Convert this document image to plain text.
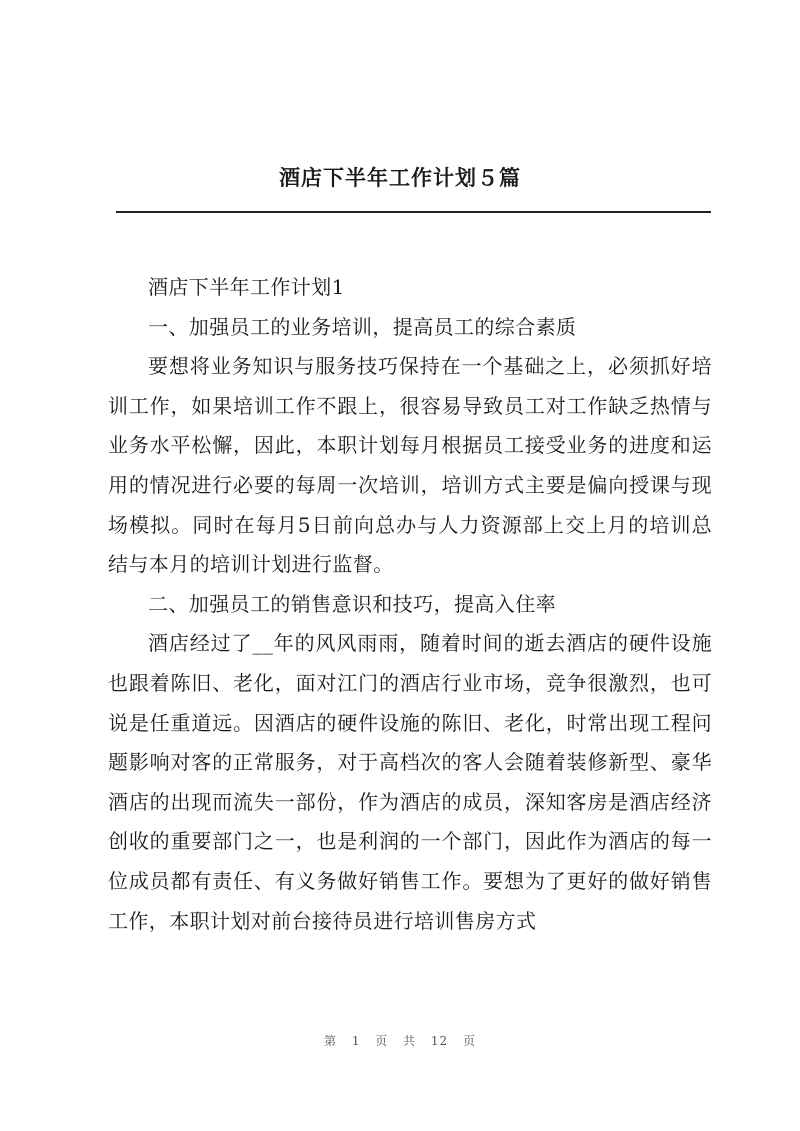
酒店下半年工作计划５篇

酒店下半年工作计划1

一、加强员工的业务培训，提高员工的综合素质

要想将业务知识与服务技巧保持在一个基础之上，必须抓好培训工作，如果培训工作不跟上，很容易导致员工对工作缺乏热情与业务水平松懈，因此，本职计划每月根据员工接受业务的进度和运用的情况进行必要的每周一次培训，培训方式主要是偏向授课与现场模拟。同时在每月5日前向总办与人力资源部上交上月的培训总结与本月的培训计划进行监督。

二、加强员工的销售意识和技巧，提高入住率

酒店经过了__年的风风雨雨，随着时间的逝去酒店的硬件设施也跟着陈旧、老化，面对江门的酒店行业市场，竞争很激烈，也可说是任重道远。因酒店的硬件设施的陈旧、老化，时常出现工程问题影响对客的正常服务，对于高档次的客人会随着装修新型、豪华酒店的出现而流失一部份，作为酒店的成员，深知客房是酒店经济创收的重要部门之一，也是利润的一个部门，因此作为酒店的每一位成员都有责任、有义务做好销售工作。要想为了更好的做好销售工作，本职计划对前台接待员进行培训售房方式

第 1 页 共 12 页
